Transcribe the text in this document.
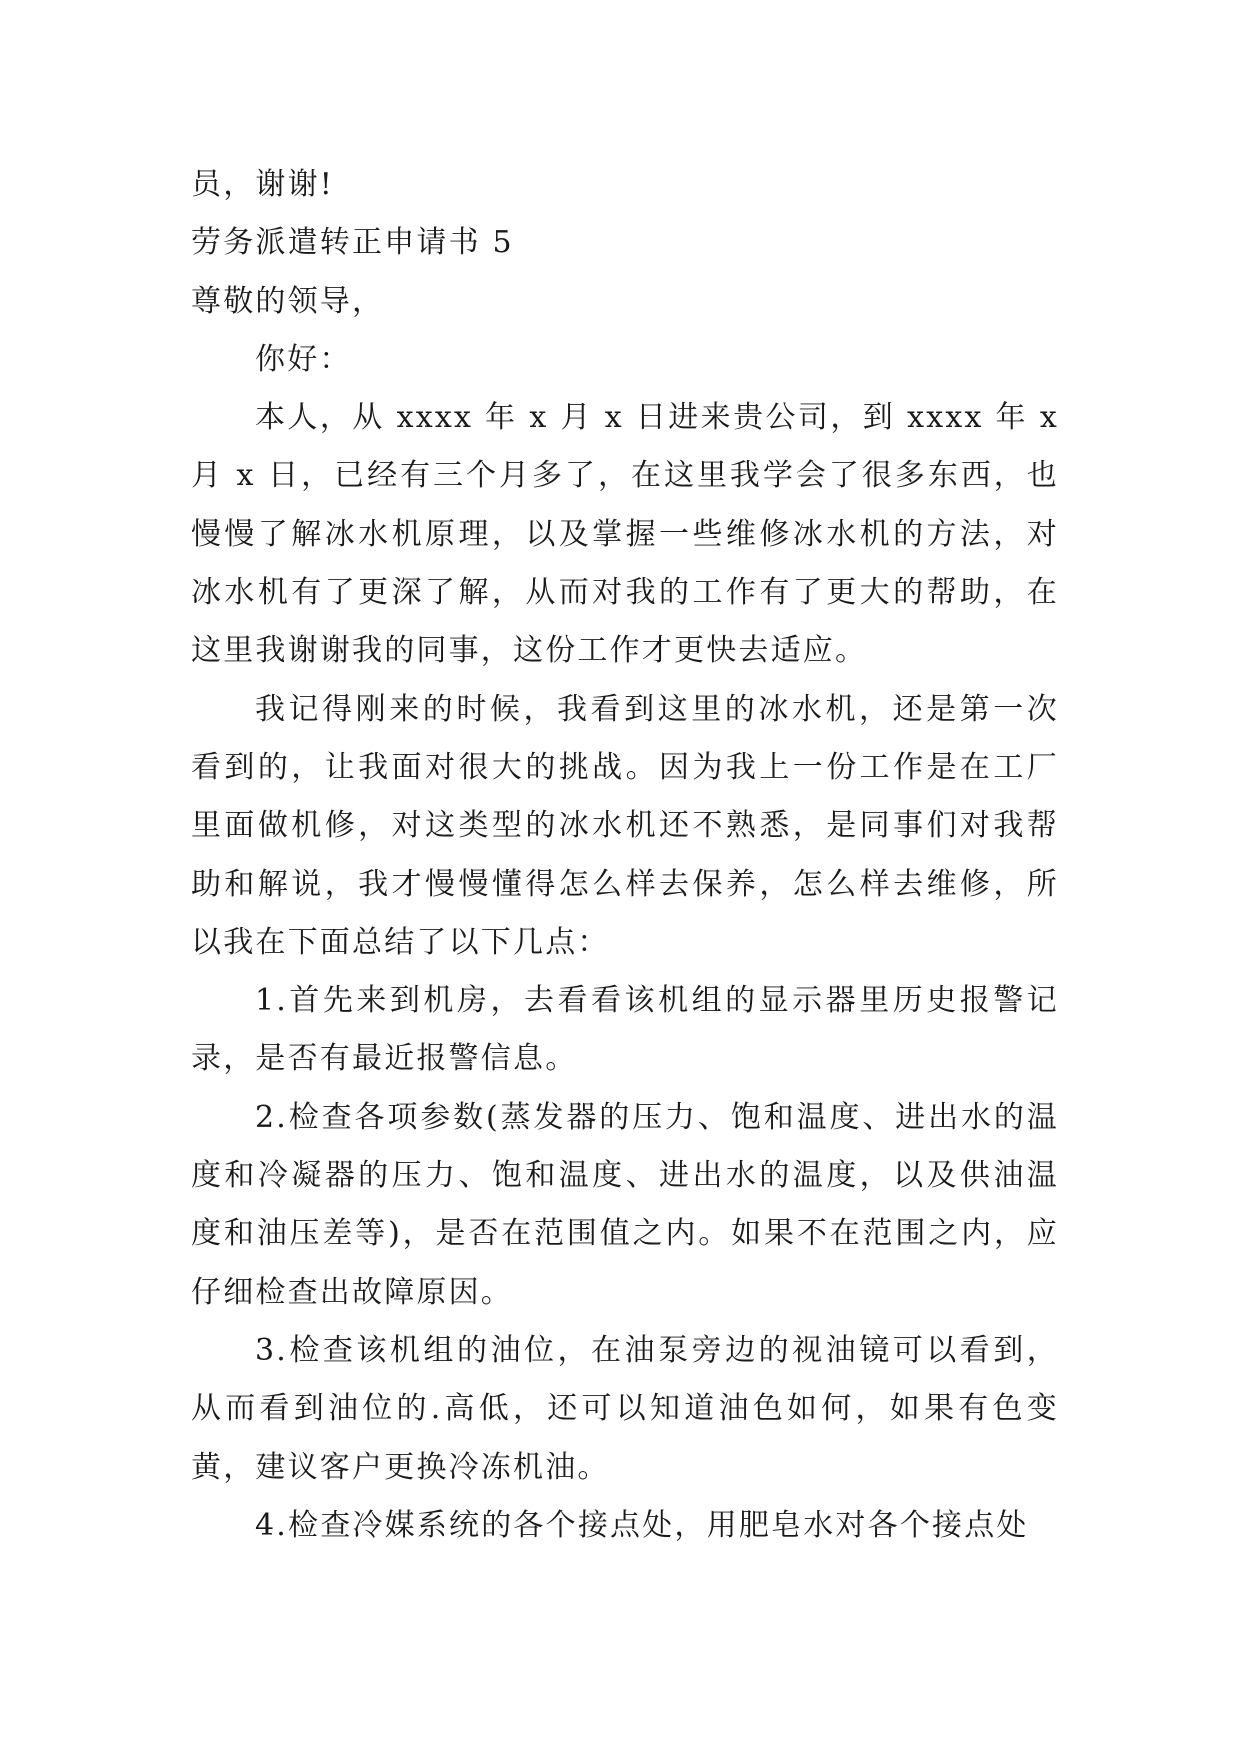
员，谢谢!

劳务派遣转正申请书 5

尊敬的领导，

你好：

本人，从 xxxx 年 x 月 x 日进来贵公司，到 xxxx 年 x 月 x 日，已经有三个月多了，在这里我学会了很多东西，也慢慢了解冰水机原理，以及掌握一些维修冰水机的方法，对冰水机有了更深了解，从而对我的工作有了更大的帮助，在这里我谢谢我的同事，这份工作才更快去适应。

我记得刚来的时候，我看到这里的冰水机，还是第一次看到的，让我面对很大的挑战。因为我上一份工作是在工厂里面做机修，对这类型的冰水机还不熟悉，是同事们对我帮助和解说，我才慢慢懂得怎么样去保养，怎么样去维修，所以我在下面总结了以下几点：

1.首先来到机房，去看看该机组的显示器里历史报警记录，是否有最近报警信息。

2.检查各项参数(蒸发器的压力、饱和温度、进出水的温度和冷凝器的压力、饱和温度、进出水的温度，以及供油温度和油压差等)，是否在范围值之内。如果不在范围之内，应仔细检查出故障原因。

3.检查该机组的油位，在油泵旁边的视油镜可以看到，从而看到油位的.高低，还可以知道油色如何，如果有色变黄，建议客户更换冷冻机油。

4.检查冷媒系统的各个接点处，用肥皂水对各个接点处
